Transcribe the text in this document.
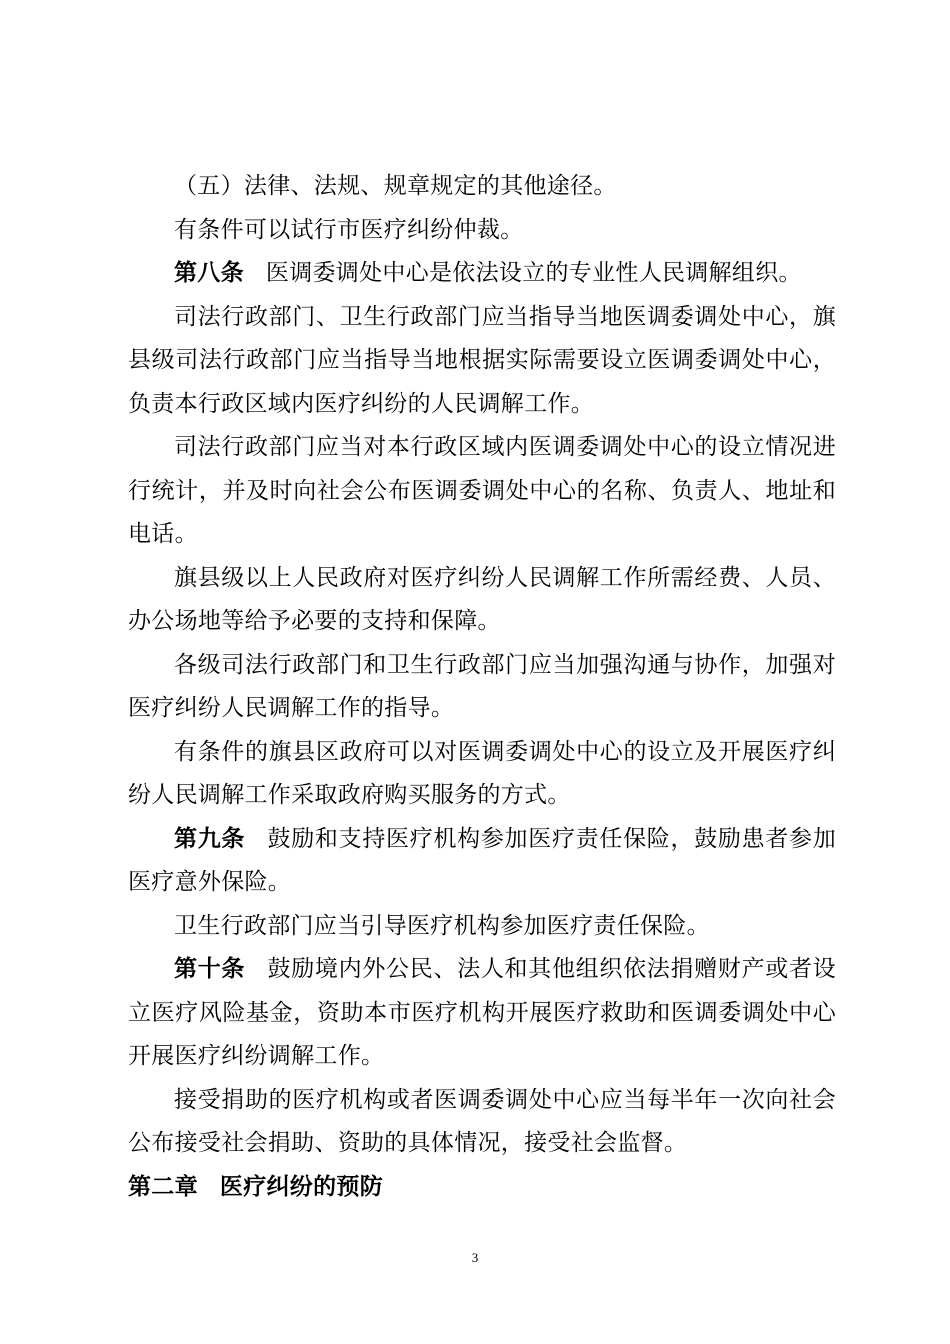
（五）法律、法规、规章规定的其他途径。

有条件可以试行市医疗纠纷仲裁。

第八条 医调委调处中心是依法设立的专业性人民调解组织。

司法行政部门、卫生行政部门应当指导当地医调委调处中心，旗县级司法行政部门应当指导当地根据实际需要设立医调委调处中心，负责本行政区域内医疗纠纷的人民调解工作。

司法行政部门应当对本行政区域内医调委调处中心的设立情况进行统计，并及时向社会公布医调委调处中心的名称、负责人、地址和电话。

旗县级以上人民政府对医疗纠纷人民调解工作所需经费、人员、办公场地等给予必要的支持和保障。

各级司法行政部门和卫生行政部门应当加强沟通与协作，加强对医疗纠纷人民调解工作的指导。

有条件的旗县区政府可以对医调委调处中心的设立及开展医疗纠纷人民调解工作采取政府购买服务的方式。

第九条 鼓励和支持医疗机构参加医疗责任保险，鼓励患者参加医疗意外保险。

卫生行政部门应当引导医疗机构参加医疗责任保险。

第十条 鼓励境内外公民、法人和其他组织依法捐赠财产或者设立医疗风险基金，资助本市医疗机构开展医疗救助和医调委调处中心开展医疗纠纷调解工作。

接受捐助的医疗机构或者医调委调处中心应当每半年一次向社会公布接受社会捐助、资助的具体情况，接受社会监督。

第二章 医疗纠纷的预防

3
